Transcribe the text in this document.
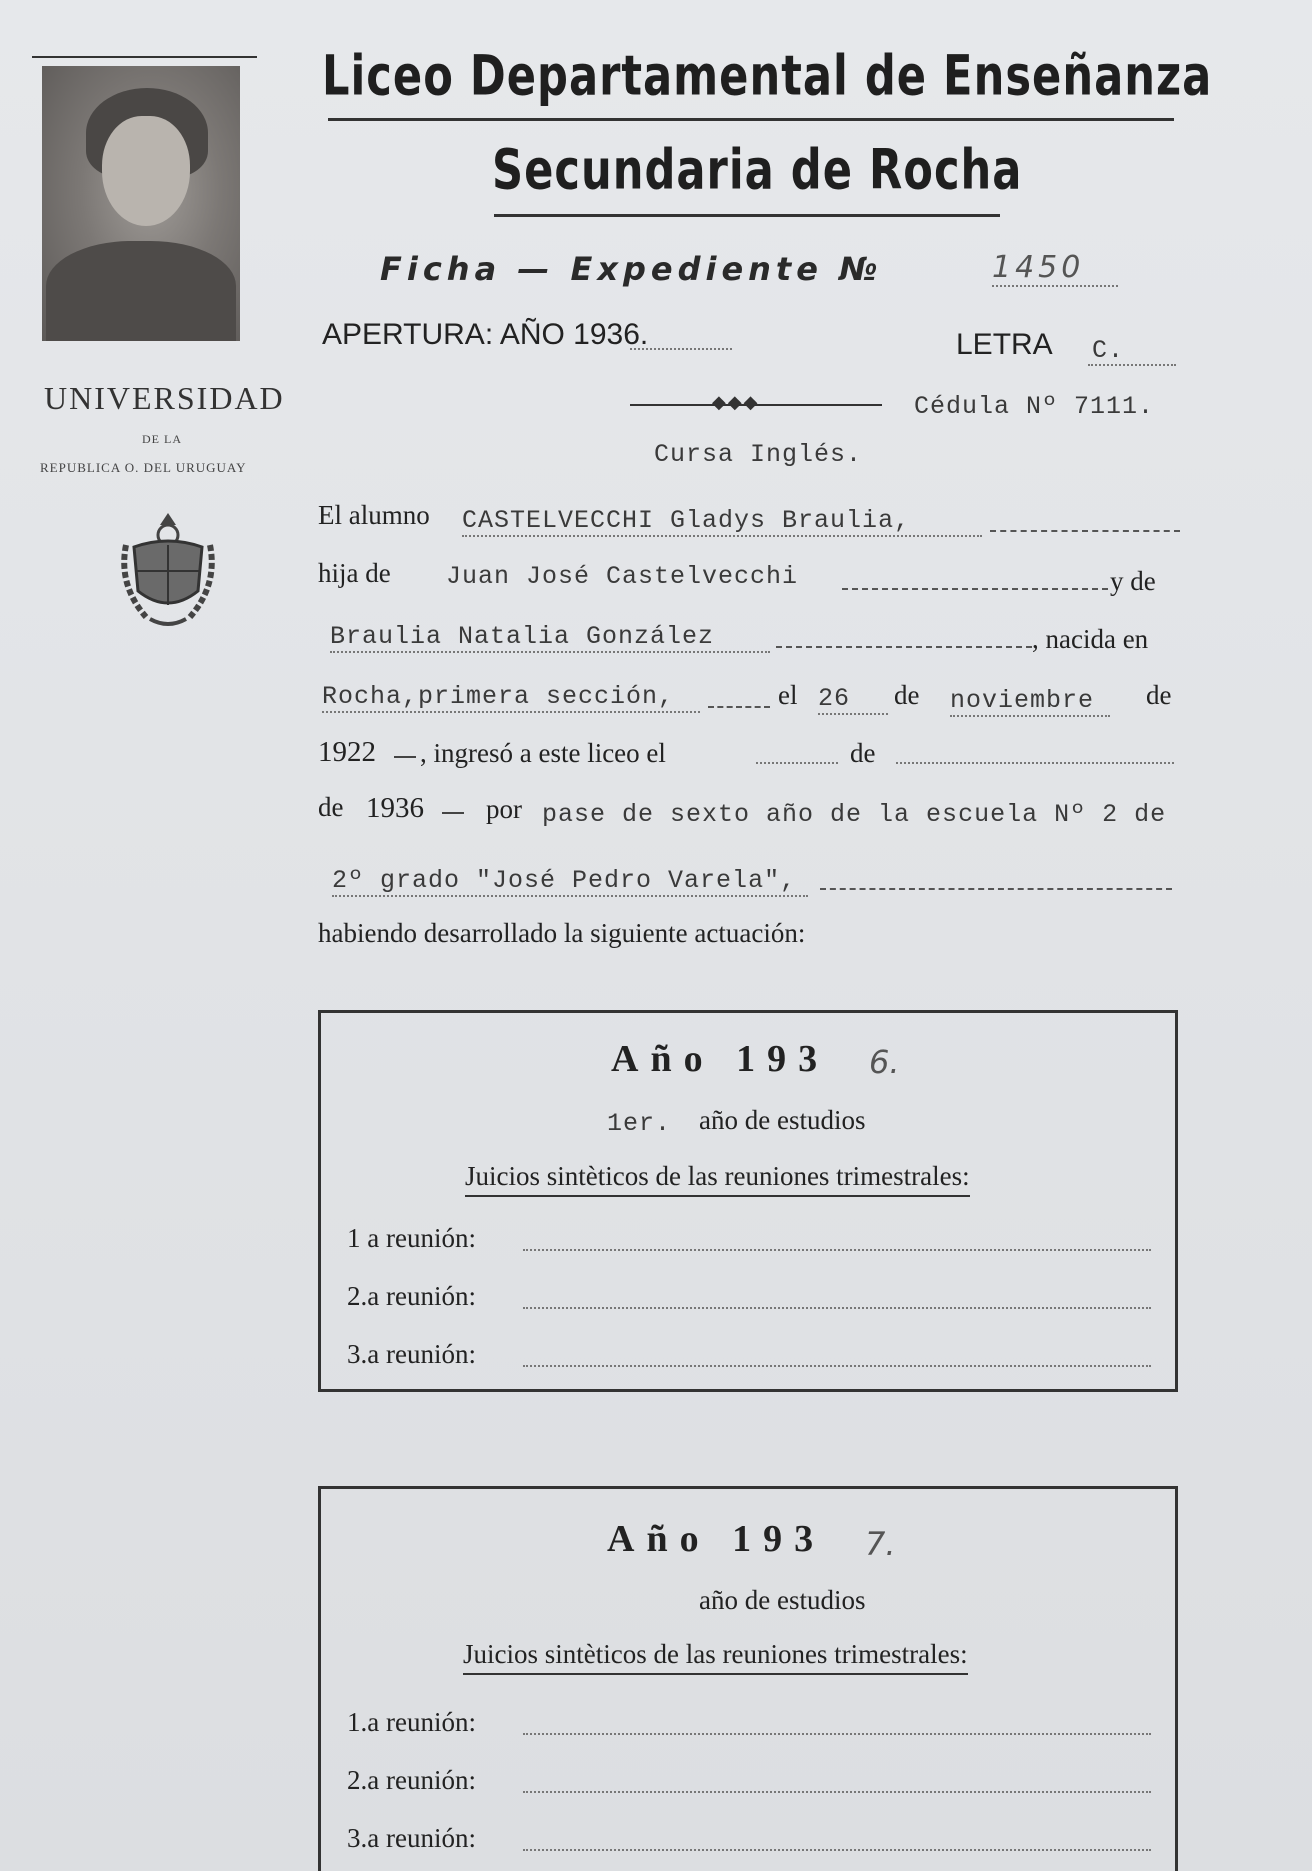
UNIVERSIDAD
DE LA
REPUBLICA O. DEL URUGUAY
Liceo Departamental de Enseñanza
Secundaria de Rocha
Ficha — Expediente №	1450
APERTURA: AÑO 1936.	LETRA C.
◆◆◆	Cédula Nº 7111.
Cursa Inglés.
El alumno CASTELVECCHI Gladys Braulia,
hija de Juan José Castelvecchi	y de
Braulia Natalia González	, nacida en
Rocha,primera sección,	el 26	de noviembre	de
1922 , ingresó a este liceo el	de
de 1936 por pase de sexto año de la escuela Nº 2 de
2º grado "José Pedro Varela",
habiendo desarrollado la siguiente actuación:
Año 193 6.
1er. año de estudios
Juicios sintèticos de las reuniones trimestrales:
1 a reunión:
2.a reunión:
3.a reunión:
Año 193 7.
año de estudios
Juicios sintèticos de las reuniones trimestrales:
1.a reunión:
2.a reunión:
3.a reunión:
